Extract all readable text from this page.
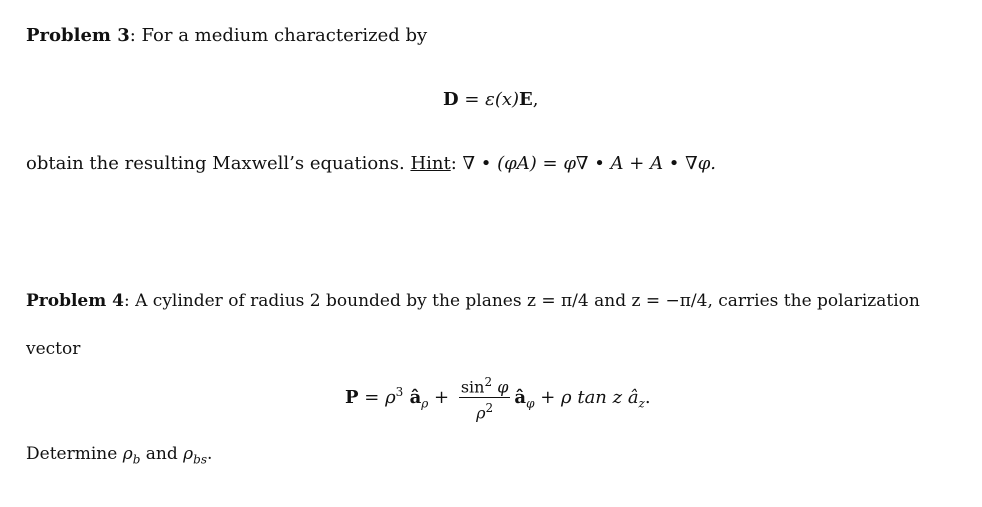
Problem 3: For a medium characterized by
D = ε(x)E,
obtain the resulting Maxwell’s equations. Hint: ∇ • (φA) = φ∇ • A + A • ∇φ.
Problem 4: A cylinder of radius 2 bounded by the planes z = π/4 and z = −π/4, carries the polarization
vector
$P = \rho^3$ $â_\rho + \frac{\sin^2 \varphi}{\rho^2}$ $â_\varphi + \rho$ tan z $â_z$.
Determine $\rho_b$ and $\rho_{bs}$.
